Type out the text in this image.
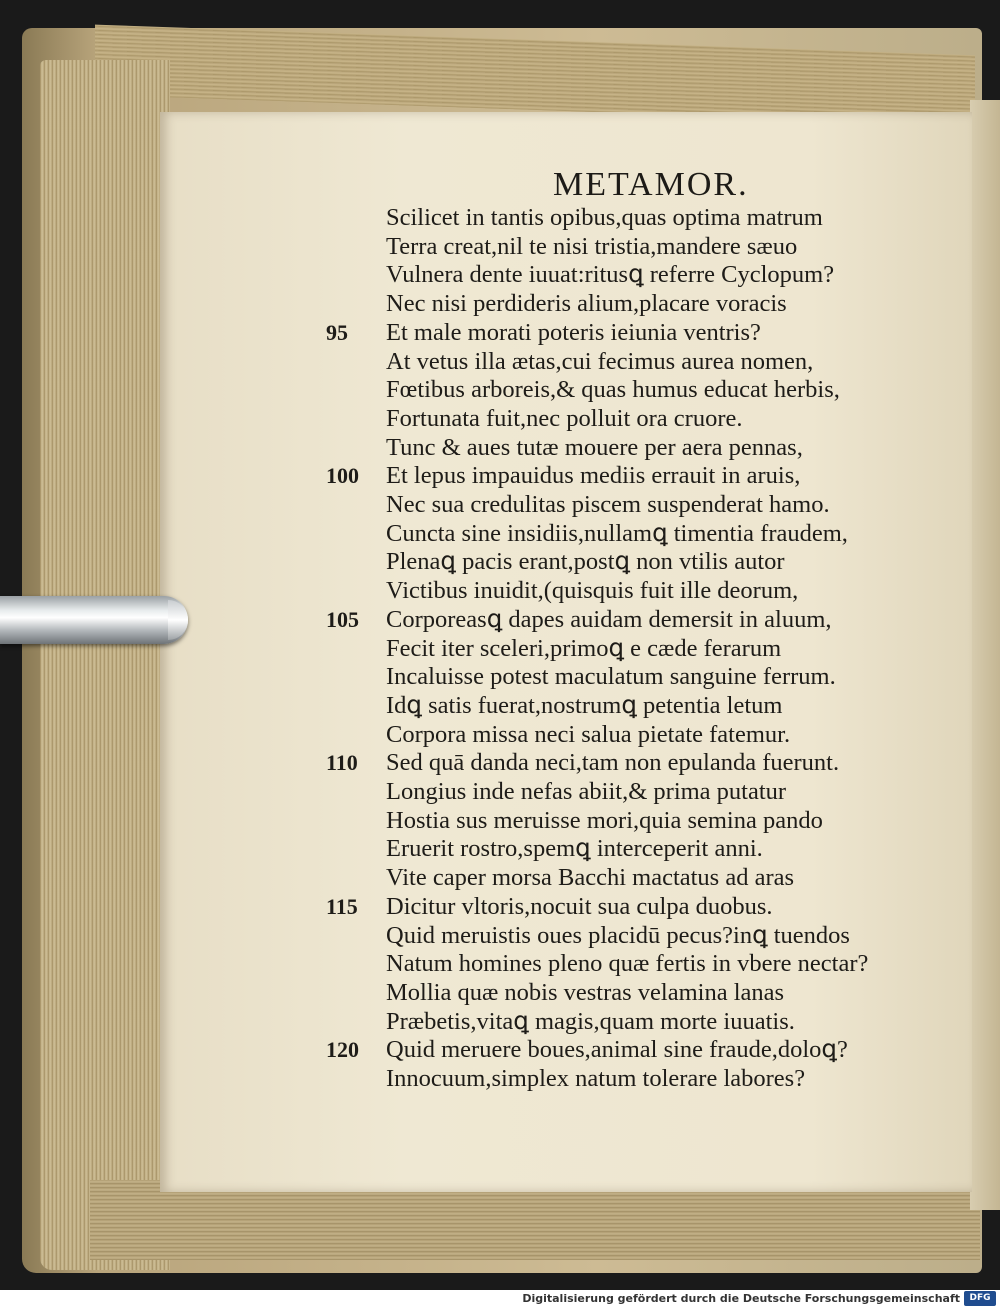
METAMOR.
Scilicet in tantis opibus,quas optima matrum
Terra creat,nil te nisi tristia,mandere sæuo
Vulnera dente iuuat:ritusꝗ referre Cyclopum?
Nec nisi perdideris alium,placare voracis
95 Et male morati poteris ieiunia ventris?
At vetus illa ætas,cui fecimus aurea nomen,
Fœtibus arboreis,& quas humus educat herbis,
Fortunata fuit,nec polluit ora cruore.
Tunc & aues tutæ mouere per aera pennas,
100 Et lepus impauidus mediis errauit in aruis,
Nec sua credulitas piscem suspenderat hamo.
Cuncta sine insidiis,nullamꝗ timentia fraudem,
Plenaꝗ pacis erant,postꝗ non vtilis autor
Victibus inuidit,(quisquis fuit ille deorum,
105 Corporeasꝗ dapes auidam demersit in aluum,
Fecit iter sceleri,primoꝗ e cæde ferarum
Incaluisse potest maculatum sanguine ferrum.
Idꝗ satis fuerat,nostrumꝗ petentia letum
Corpora missa neci salua pietate fatemur.
110 Sed quā danda neci,tam non epulanda fuerunt.
Longius inde nefas abiit,& prima putatur
Hostia sus meruisse mori,quia semina pando
Eruerit rostro,spemꝗ interceperit anni.
Vite caper morsa Bacchi mactatus ad aras
115 Dicitur vltoris,nocuit sua culpa duobus.
Quid meruistis oues placidū pecus?inꝗ tuendos
Natum homines pleno quæ fertis in vbere nectar?
Mollia quæ nobis vestras velamina lanas
Præbetis,vitaꝗ magis,quam morte iuuatis.
120 Quid meruere boues,animal sine fraude,doloꝗ?
Innocuum,simplex natum tolerare labores?
Digitalisierung gefördert durch die Deutsche Forschungsgemeinschaft	DFG
